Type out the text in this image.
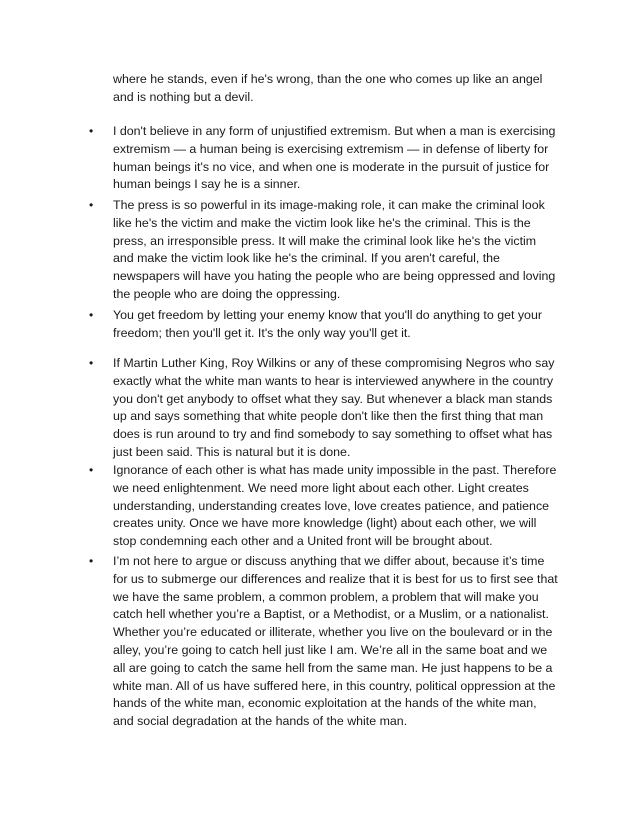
where he stands, even if he's wrong, than the one who comes up like an angel
and is nothing but a devil.

• I don't believe in any form of unjustified extremism. But when a man is exercising
extremism — a human being is exercising extremism — in defense of liberty for
human beings it's no vice, and when one is moderate in the pursuit of justice for
human beings I say he is a sinner.

• The press is so powerful in its image-making role, it can make the criminal look
like he's the victim and make the victim look like he's the criminal. This is the
press, an irresponsible press. It will make the criminal look like he's the victim
and make the victim look like he's the criminal. If you aren't careful, the
newspapers will have you hating the people who are being oppressed and loving
the people who are doing the oppressing.

• You get freedom by letting your enemy know that you'll do anything to get your
freedom; then you'll get it. It's the only way you'll get it.

• If Martin Luther King, Roy Wilkins or any of these compromising Negros who say
exactly what the white man wants to hear is interviewed anywhere in the country
you don't get anybody to offset what they say. But whenever a black man stands
up and says something that white people don't like then the first thing that man
does is run around to try and find somebody to say something to offset what has
just been said. This is natural but it is done.

• Ignorance of each other is what has made unity impossible in the past. Therefore
we need enlightenment. We need more light about each other. Light creates
understanding, understanding creates love, love creates patience, and patience
creates unity. Once we have more knowledge (light) about each other, we will
stop condemning each other and a United front will be brought about.

• I’m not here to argue or discuss anything that we differ about, because it’s time
for us to submerge our differences and realize that it is best for us to first see that
we have the same problem, a common problem, a problem that will make you
catch hell whether you’re a Baptist, or a Methodist, or a Muslim, or a nationalist.
Whether you’re educated or illiterate, whether you live on the boulevard or in the
alley, you’re going to catch hell just like I am. We’re all in the same boat and we
all are going to catch the same hell from the same man. He just happens to be a
white man. All of us have suffered here, in this country, political oppression at the
hands of the white man, economic exploitation at the hands of the white man,
and social degradation at the hands of the white man.
